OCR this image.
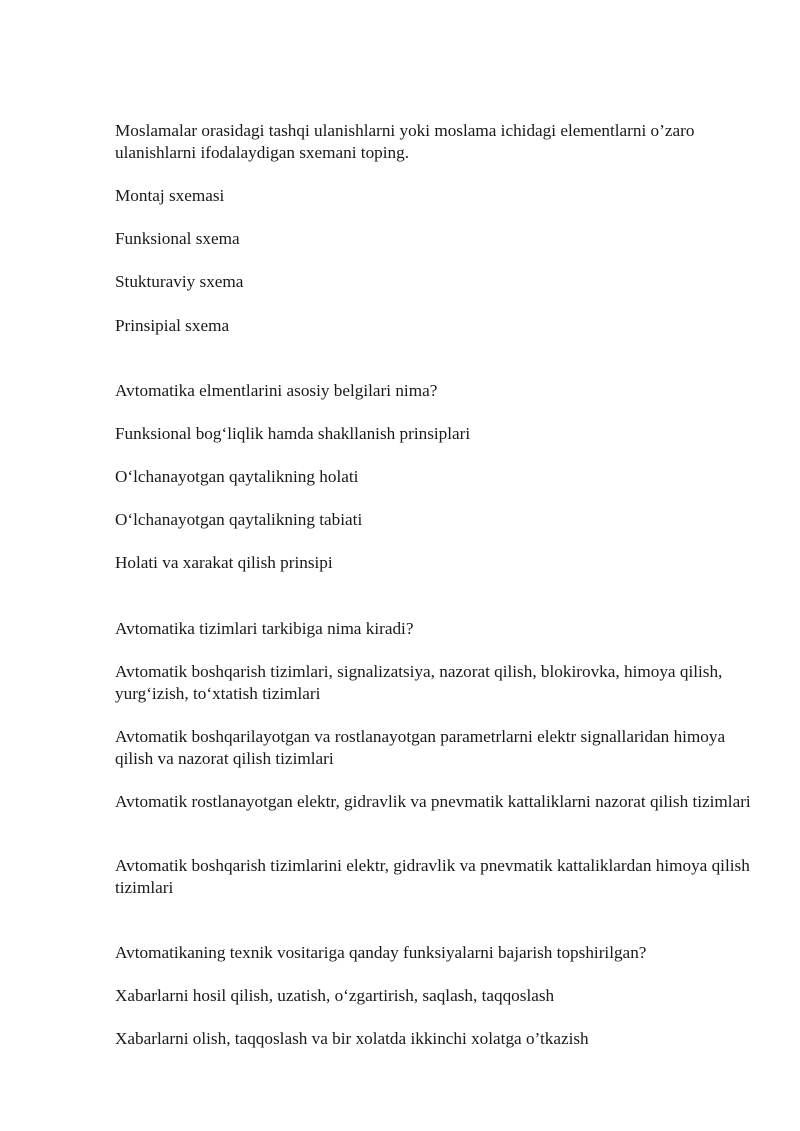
Moslamalar orasidagi tashqi ulanishlarni yoki moslama ichidagi elementlarni o’zaro ulanishlarni ifodalaydigan sxemani toping.
Montaj sxemasi
Funksional sxema
Stukturaviy sxema
Prinsipial sxema
Avtomatika elmentlarini asosiy belgilari nima?
Funksional bog‘liqlik hamda shakllanish prinsiplari
O‘lchanayotgan qaytalikning holati
O‘lchanayotgan qaytalikning tabiati
Holati va xarakat qilish prinsipi
Avtomatika tizimlari tarkibiga nima kiradi?
Avtomatik boshqarish tizimlari, signalizatsiya, nazorat qilish, blokirovka, himoya qilish, yurg‘izish, to‘xtatish tizimlari
Avtomatik boshqarilayotgan va rostlanayotgan parametrlarni elektr signallaridan himoya qilish va nazorat qilish tizimlari
Avtomatik rostlanayotgan elektr, gidravlik va pnevmatik kattaliklarni nazorat qilish tizimlari
Avtomatik boshqarish tizimlarini elektr, gidravlik va pnevmatik kattaliklardan himoya qilish tizimlari
Avtomatikaning texnik vositariga qanday funksiyalarni bajarish topshirilgan?
Xabarlarni hosil qilish, uzatish, o‘zgartirish, saqlash, taqqoslash
Xabarlarni olish, taqqoslash va bir xolatda ikkinchi xolatga o’tkazish
